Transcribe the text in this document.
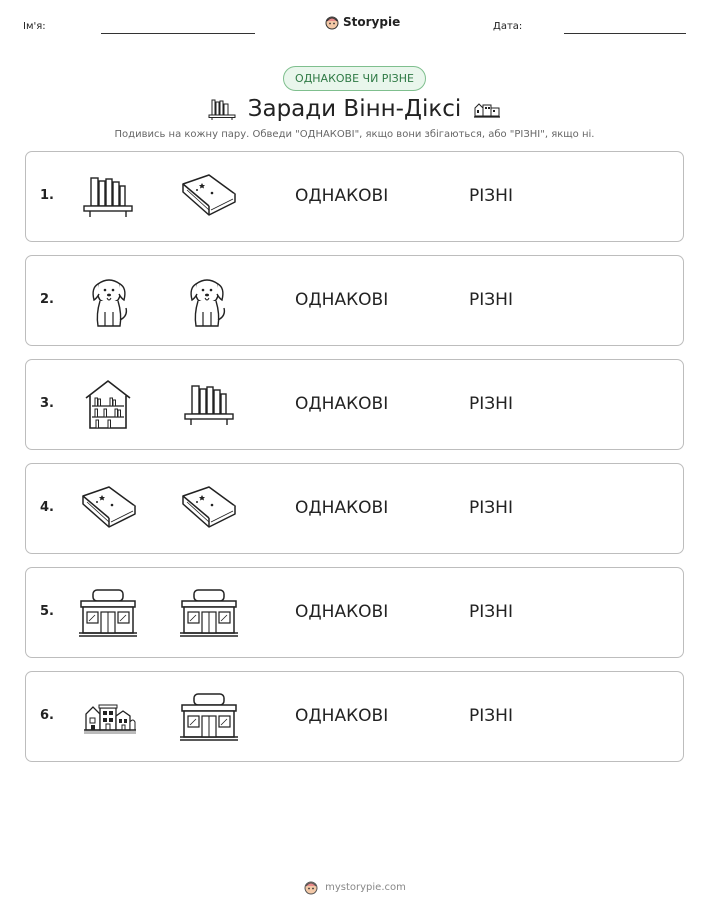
Ім'я:	Storypie	Дата:
ОДНАКОВЕ ЧИ РІЗНЕ
Заради Вінн-Діксі
Подивись на кожну пару. Обведи "ОДНАКОВІ", якщо вони збігаються, або "РІЗНІ", якщо ні.
1.	ОДНАКОВІ	РІЗНІ
2.	ОДНАКОВІ	РІЗНІ
3.	ОДНАКОВІ	РІЗНІ
4.	ОДНАКОВІ	РІЗНІ
5.	ОДНАКОВІ	РІЗНІ
6.	ОДНАКОВІ	РІЗНІ
mystorypie.com
